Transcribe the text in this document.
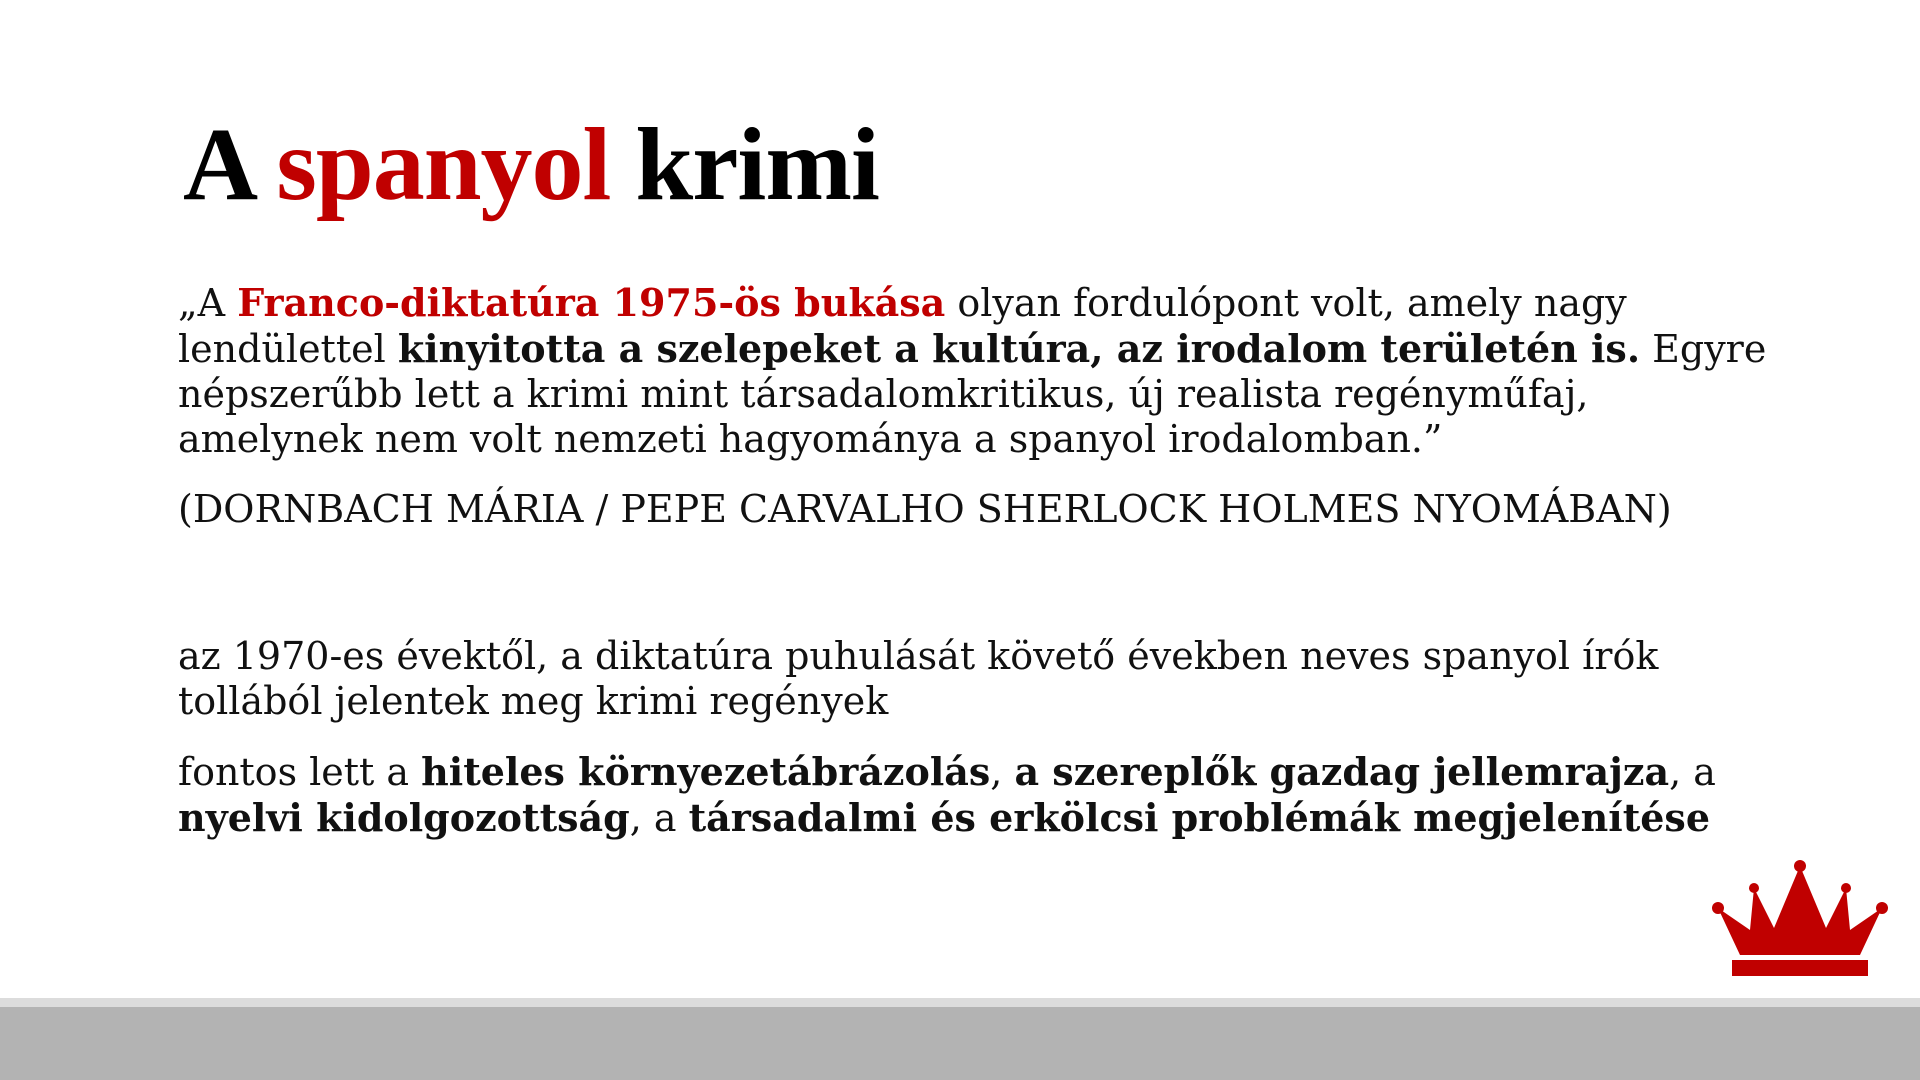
A spanyol krimi

„A Franco-diktatúra 1975-ös bukása olyan fordulópont volt, amely nagy lendülettel kinyitotta a szelepeket a kultúra, az irodalom területén is. Egyre népszerűbb lett a krimi mint társadalomkritikus, új realista regényműfaj, amelynek nem volt nemzeti hagyománya a spanyol irodalomban.”

(DORNBACH MÁRIA / PEPE CARVALHO SHERLOCK HOLMES NYOMÁBAN)

az 1970-es évektől, a diktatúra puhulását követő években neves spanyol írók tollából jelentek meg krimi regények

fontos lett a hiteles környezetábrázolás, a szereplők gazdag jellemrajza, a nyelvi kidolgozottság, a társadalmi és erkölcsi problémák megjelenítése
